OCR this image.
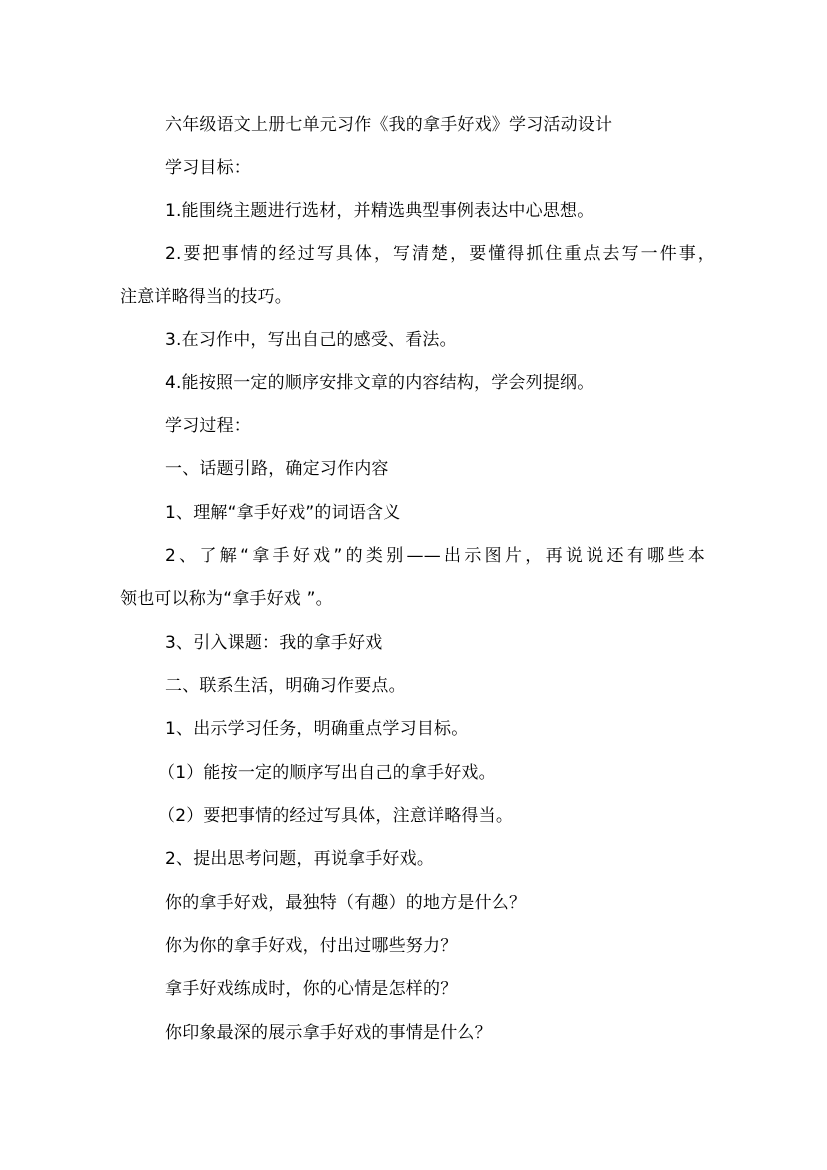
六年级语文上册七单元习作《我的拿手好戏》学习活动设计
学习目标：
1.能围绕主题进行选材，并精选典型事例表达中心思想。
2.要把事情的经过写具体，写清楚，要懂得抓住重点去写一件事，
注意详略得当的技巧。
3.在习作中，写出自己的感受、看法。
4.能按照一定的顺序安排文章的内容结构，学会列提纲。
学习过程：
一、话题引路，确定习作内容
1、理解“拿手好戏”的词语含义
2、了解“拿手好戏”的类别——出示图片，再说说还有哪些本
领也可以称为“拿手好戏 ”。
3、引入课题：我的拿手好戏
二、联系生活，明确习作要点。
1、出示学习任务，明确重点学习目标。
（1）能按一定的顺序写出自己的拿手好戏。
（2）要把事情的经过写具体，注意详略得当。
2、提出思考问题，再说拿手好戏。
你的拿手好戏，最独特（有趣）的地方是什么？
你为你的拿手好戏，付出过哪些努力？
拿手好戏练成时，你的心情是怎样的？
你印象最深的展示拿手好戏的事情是什么？
